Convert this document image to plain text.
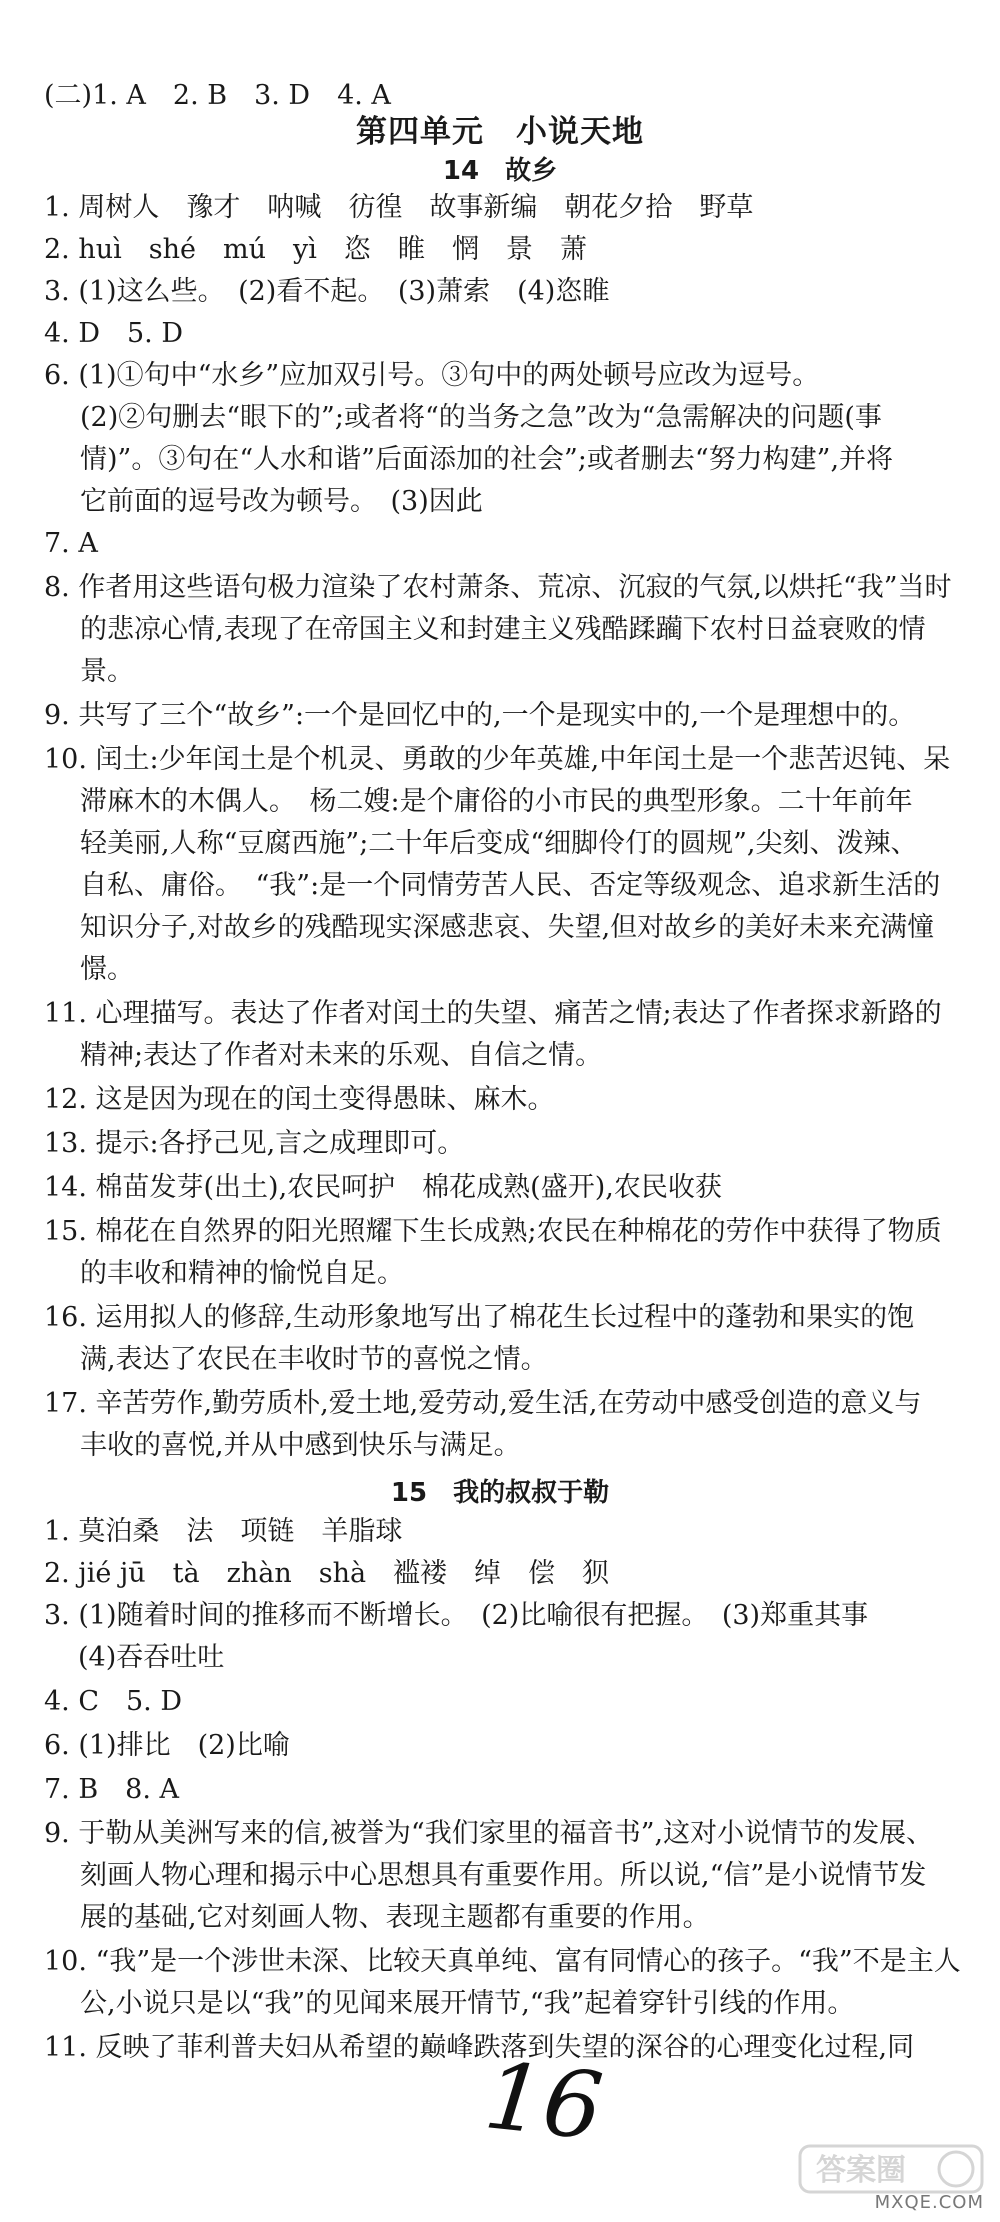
(二)1. A　2. B　3. D　4. A
第四单元　小说天地
14　故乡
1. 周树人　豫才　呐喊　彷徨　故事新编　朝花夕拾　野草
2. huì　shé　mú　yì　恣　睢　惘　景　萧
3. (1)这么些。　(2)看不起。　(3)萧索　(4)恣睢
4. D　5. D
6. (1)①句中“水乡”应加双引号。③句中的两处顿号应改为逗号。
(2)②句删去“眼下的”;或者将“的当务之急”改为“急需解决的问题(事
情)”。③句在“人水和谐”后面添加的社会”;或者删去“努力构建”,并将
它前面的逗号改为顿号。　(3)因此
7. A
8. 作者用这些语句极力渲染了农村萧条、荒凉、沉寂的气氛,以烘托“我”当时
的悲凉心情,表现了在帝国主义和封建主义残酷蹂躏下农村日益衰败的情
景。
9. 共写了三个“故乡”:一个是回忆中的,一个是现实中的,一个是理想中的。
10. 闰土:少年闰土是个机灵、勇敢的少年英雄,中年闰土是一个悲苦迟钝、呆
滞麻木的木偶人。　杨二嫂:是个庸俗的小市民的典型形象。二十年前年
轻美丽,人称“豆腐西施”;二十年后变成“细脚伶仃的圆规”,尖刻、泼辣、
自私、庸俗。　“我”:是一个同情劳苦人民、否定等级观念、追求新生活的
知识分子,对故乡的残酷现实深感悲哀、失望,但对故乡的美好未来充满憧
憬。
11. 心理描写。表达了作者对闰土的失望、痛苦之情;表达了作者探求新路的
精神;表达了作者对未来的乐观、自信之情。
12. 这是因为现在的闰土变得愚昧、麻木。
13. 提示:各抒己见,言之成理即可。
14. 棉苗发芽(出土),农民呵护　棉花成熟(盛开),农民收获
15. 棉花在自然界的阳光照耀下生长成熟;农民在种棉花的劳作中获得了物质
的丰收和精神的愉悦自足。
16. 运用拟人的修辞,生动形象地写出了棉花生长过程中的蓬勃和果实的饱
满,表达了农民在丰收时节的喜悦之情。
17. 辛苦劳作,勤劳质朴,爱土地,爱劳动,爱生活,在劳动中感受创造的意义与
丰收的喜悦,并从中感到快乐与满足。
15　我的叔叔于勒
1. 莫泊桑　法　项链　羊脂球
2. jié jū　tà　zhàn　shà　褴褛　绰　偿　狈
3. (1)随着时间的推移而不断增长。　(2)比喻很有把握。　(3)郑重其事
(4)吞吞吐吐
4. C　5. D
6. (1)排比　(2)比喻
7. B　8. A
9. 于勒从美洲写来的信,被誉为“我们家里的福音书”,这对小说情节的发展、
刻画人物心理和揭示中心思想具有重要作用。所以说,“信”是小说情节发
展的基础,它对刻画人物、表现主题都有重要的作用。
10. “我”是一个涉世未深、比较天真单纯、富有同情心的孩子。“我”不是主人
公,小说只是以“我”的见闻来展开情节,“我”起着穿针引线的作用。
11. 反映了菲利普夫妇从希望的巅峰跌落到失望的深谷的心理变化过程,同
16
答案圈
MXQE.COM
